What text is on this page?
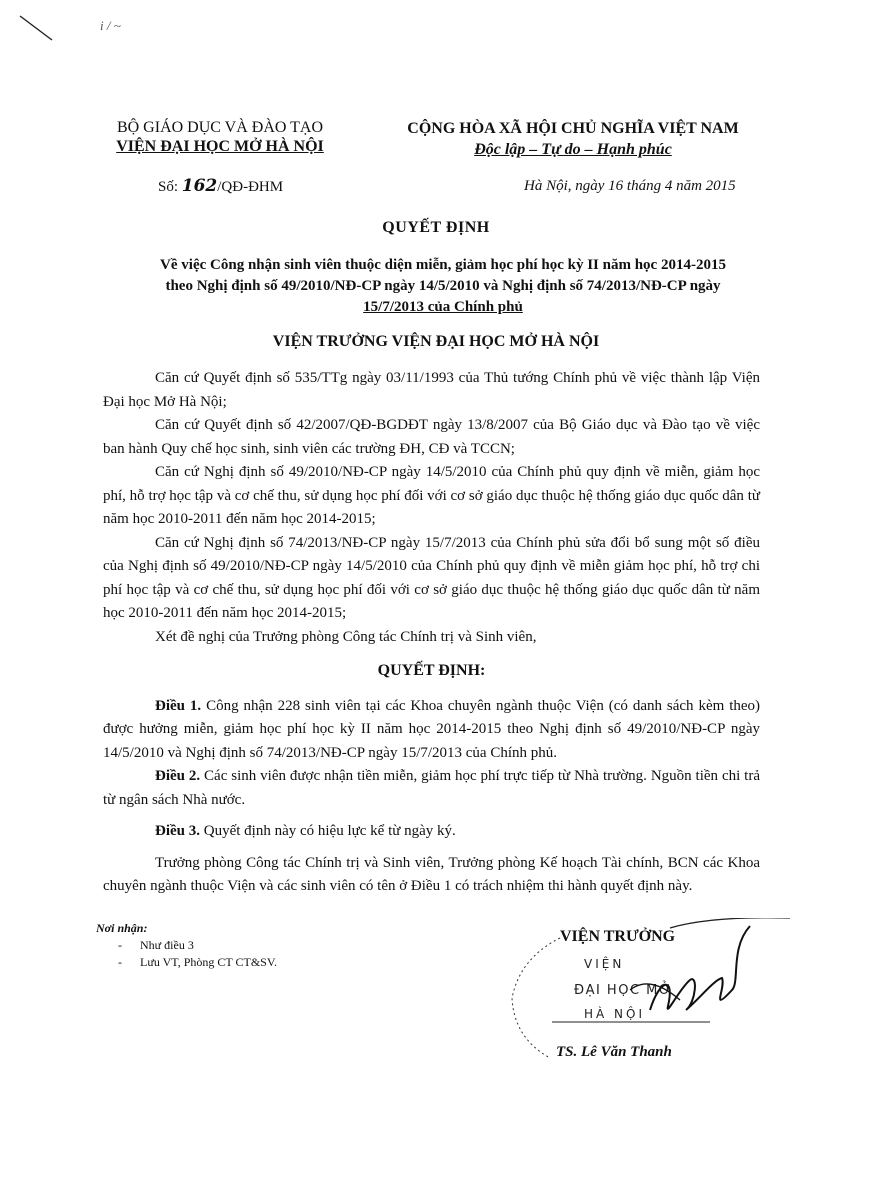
i / ~
BỘ GIÁO DỤC VÀ ĐÀO TẠO
VIỆN ĐẠI HỌC MỞ HÀ NỘI
CỘNG HÒA XÃ HỘI CHỦ NGHĨA VIỆT NAM
Độc lập – Tự do – Hạnh phúc
Số: 162/QĐ-ĐHM	Hà Nội, ngày 16 tháng 4 năm 2015
QUYẾT ĐỊNH
Về việc Công nhận sinh viên thuộc diện miễn, giảm học phí học kỳ II năm học 2014-2015
theo Nghị định số 49/2010/NĐ-CP ngày 14/5/2010 và Nghị định số 74/2013/NĐ-CP ngày
15/7/2013 của Chính phủ
VIỆN TRƯỞNG VIỆN ĐẠI HỌC MỞ HÀ NỘI

Căn cứ Quyết định số 535/TTg ngày 03/11/1993 của Thủ tướng Chính phủ về việc thành lập Viện Đại học Mở Hà Nội;

Căn cứ Quyết định số 42/2007/QĐ-BGDĐT ngày 13/8/2007 của Bộ Giáo dục và Đào tạo về việc ban hành Quy chế học sinh, sinh viên các trường ĐH, CĐ và TCCN;

Căn cứ Nghị định số 49/2010/NĐ-CP ngày 14/5/2010 của Chính phủ quy định về miễn, giảm học phí, hỗ trợ học tập và cơ chế thu, sử dụng học phí đối với cơ sở giáo dục thuộc hệ thống giáo dục quốc dân từ năm học 2010-2011 đến năm học 2014-2015;

Căn cứ Nghị định số 74/2013/NĐ-CP ngày 15/7/2013 của Chính phủ sửa đổi bổ sung một số điều của Nghị định số 49/2010/NĐ-CP ngày 14/5/2010 của Chính phủ quy định về miễn giảm học phí, hỗ trợ chi phí học tập và cơ chế thu, sử dụng học phí đối với cơ sở giáo dục thuộc hệ thống giáo dục quốc dân từ năm học 2010-2011 đến năm học 2014-2015;

Xét đề nghị của Trưởng phòng Công tác Chính trị và Sinh viên,

QUYẾT ĐỊNH:

Điều 1. Công nhận 228 sinh viên tại các Khoa chuyên ngành thuộc Viện (có danh sách kèm theo) được hưởng miễn, giảm học phí học kỳ II năm học 2014-2015 theo Nghị định số 49/2010/NĐ-CP ngày 14/5/2010 và Nghị định số 74/2013/NĐ-CP ngày 15/7/2013 của Chính phủ.

Điều 2. Các sinh viên được nhận tiền miễn, giảm học phí trực tiếp từ Nhà trường. Nguồn tiền chi trả từ ngân sách Nhà nước.

Điều 3. Quyết định này có hiệu lực kể từ ngày ký.

Trưởng phòng Công tác Chính trị và Sinh viên, Trưởng phòng Kế hoạch Tài chính, BCN các Khoa chuyên ngành thuộc Viện và các sinh viên có tên ở Điều 1 có trách nhiệm thi hành quyết định này.

Nơi nhận:
- Như điều 3
- Lưu VT, Phòng CT CT&SV.	VIỆN
ĐẠI HỌC MỞ
HÀ NỘI
VIỆN TRƯỞNG
TS. Lê Văn Thanh
